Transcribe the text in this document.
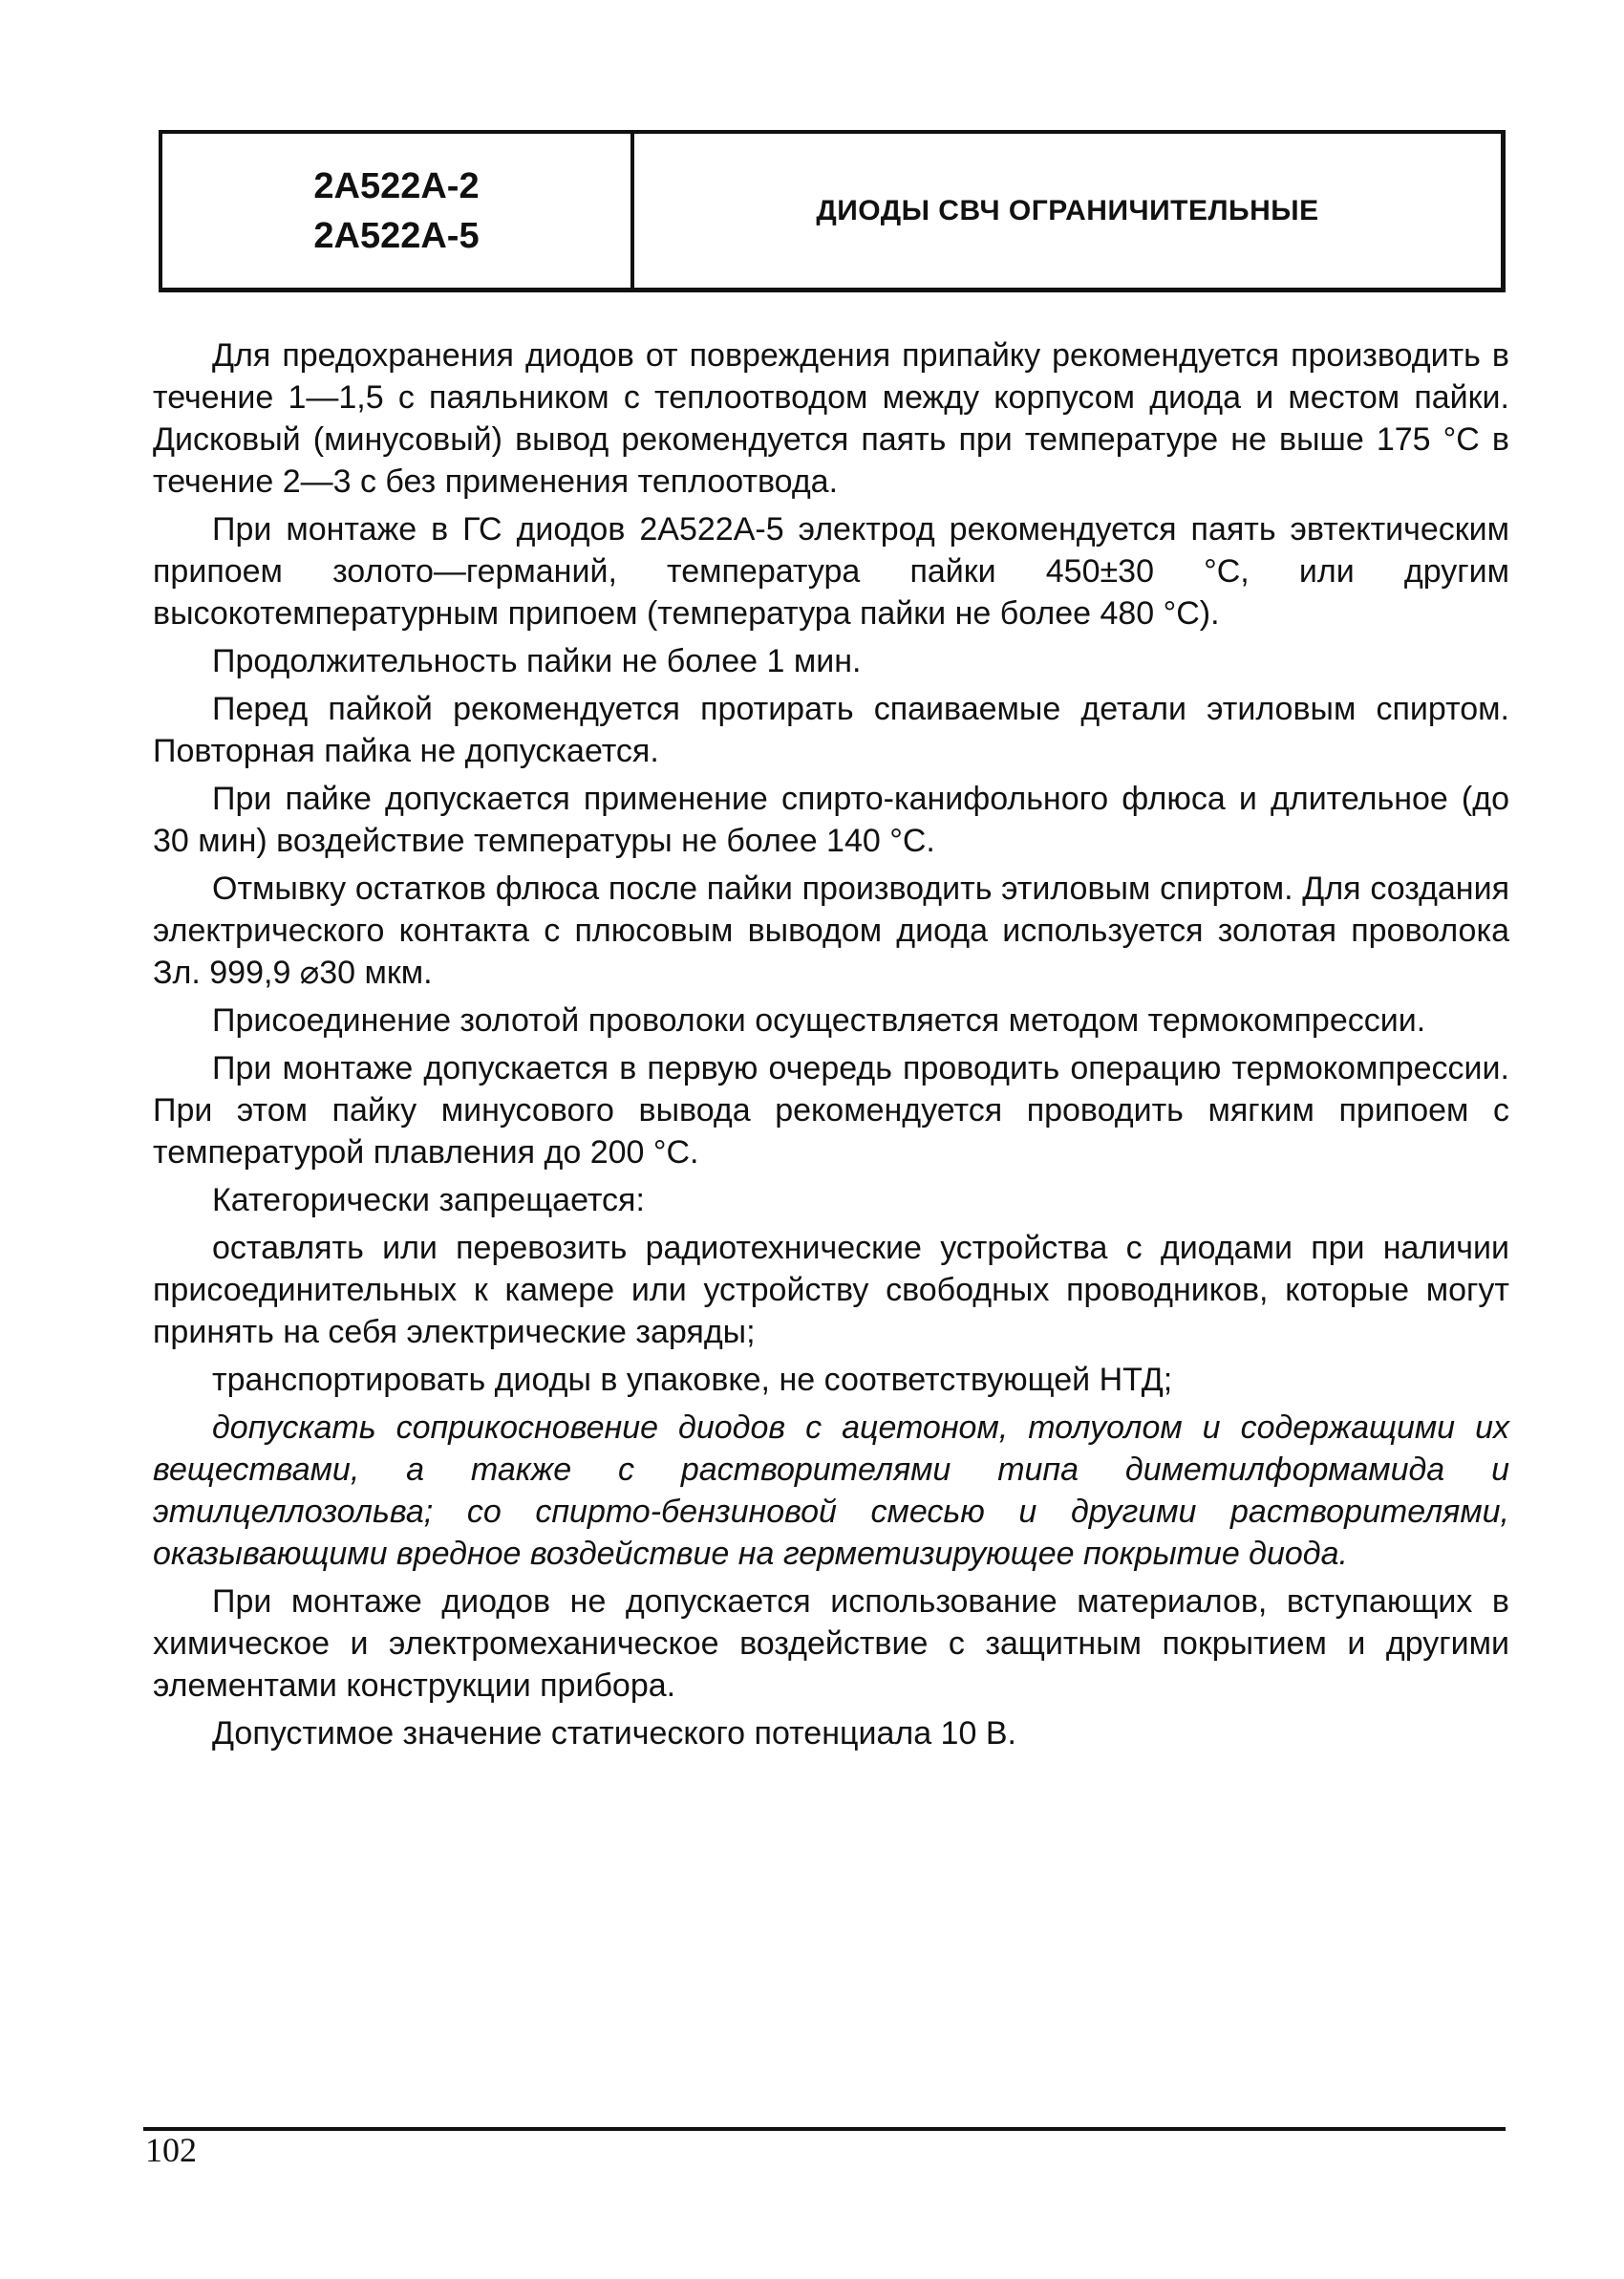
2А522А-2
2А522А-5
ДИОДЫ СВЧ ОГРАНИЧИТЕЛЬНЫЕ

Для предохранения диодов от повреждения припайку рекомендуется производить в течение 1—1,5 с паяльником с теплоотводом между корпусом диода и местом пайки. Дисковый (минусовый) вывод рекомендуется паять при температуре не выше 175 °С в течение 2—3 с без применения теплоотвода.

При монтаже в ГС диодов 2А522А-5 электрод рекомендуется паять эвтектическим припоем золото—германий, температура пайки 450±30 °С, или другим высокотемпературным припоем (температура пайки не более 480 °С).

Продолжительность пайки не более 1 мин.

Перед пайкой рекомендуется протирать спаиваемые детали этиловым спиртом. Повторная пайка не допускается.

При пайке допускается применение спирто-канифольного флюса и длительное (до 30 мин) воздействие температуры не более 140 °С.

Отмывку остатков флюса после пайки производить этиловым спиртом. Для создания электрического контакта с плюсовым выводом диода используется золотая проволока Зл. 999,9 ⌀30 мкм.

Присоединение золотой проволоки осуществляется методом термокомпрессии.

При монтаже допускается в первую очередь проводить операцию термокомпрессии. При этом пайку минусового вывода рекомендуется проводить мягким припоем с температурой плавления до 200 °С.

Категорически запрещается:

оставлять или перевозить радиотехнические устройства с диодами при наличии присоединительных к камере или устройству свободных проводников, которые могут принять на себя электрические заряды;

транспортировать диоды в упаковке, не соответствующей НТД;

допускать соприкосновение диодов с ацетоном, толуолом и содержащими их веществами, а также с растворителями типа диметилформамида и этилцеллозольва; со спирто-бензиновой смесью и другими растворителями, оказывающими вредное воздействие на герметизирующее покрытие диода.

При монтаже диодов не допускается использование материалов, вступающих в химическое и электромеханическое воздействие с защитным покрытием и другими элементами конструкции прибора.

Допустимое значение статического потенциала 10 В.

102
